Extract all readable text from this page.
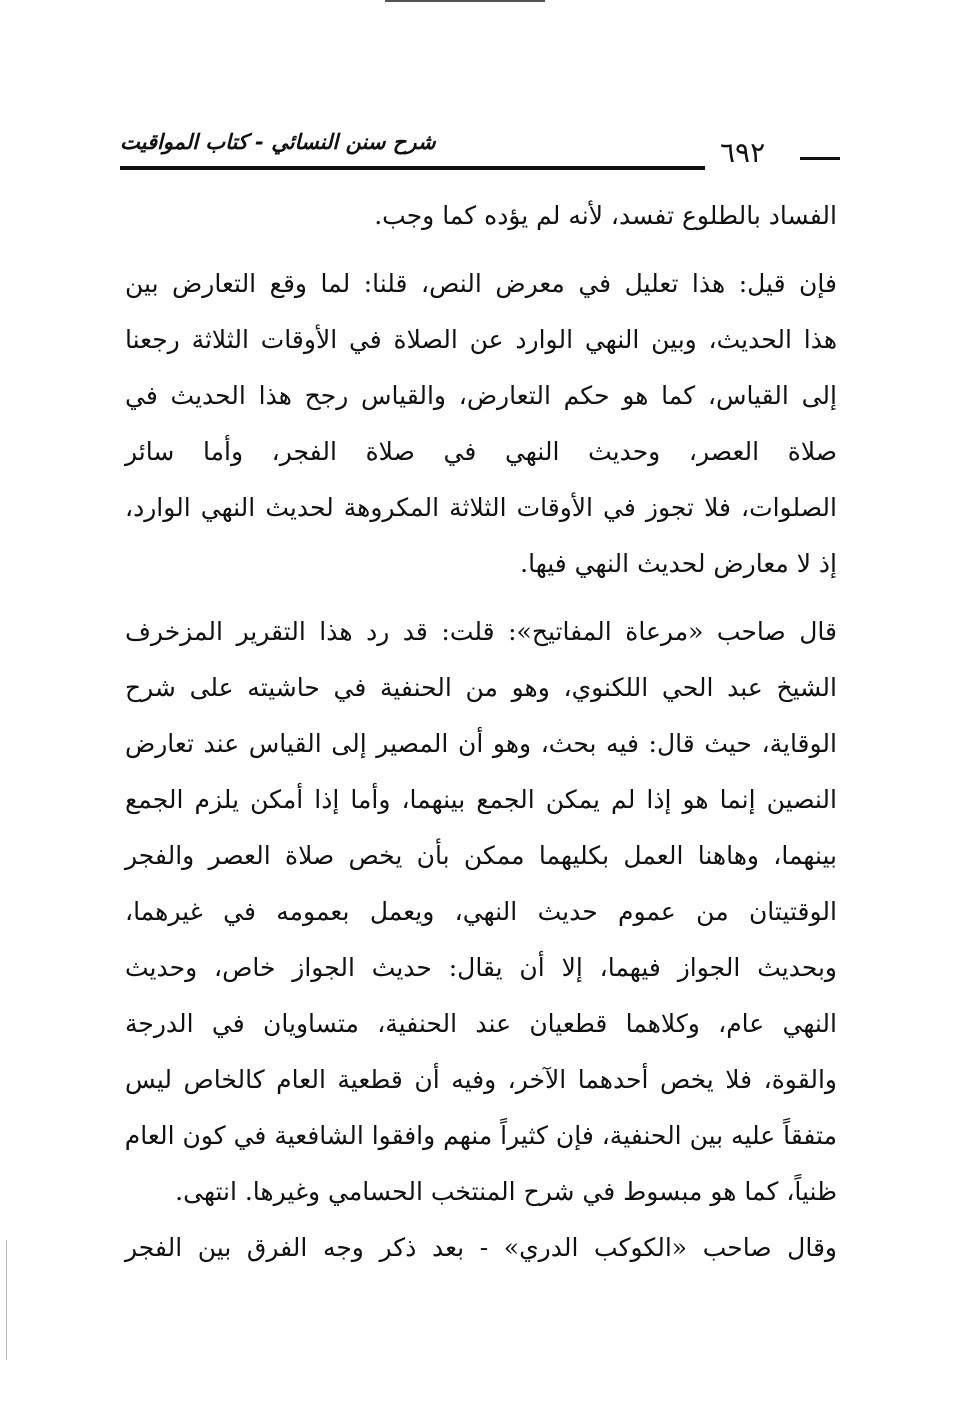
شرح سنن النسائي - كتاب المواقيت	٦٩٢
الفساد بالطلوع تفسد، لأنه لم يؤده كما وجب.
فإن قيل: هذا تعليل في معرض النص، قلنا: لما وقع التعارض بين
هذا الحديث، وبين النهي الوارد عن الصلاة في الأوقات الثلاثة رجعنا
إلى القياس، كما هو حكم التعارض، والقياس رجح هذا الحديث في
صلاة العصر، وحديث النهي في صلاة الفجر، وأما سائر
الصلوات، فلا تجوز في الأوقات الثلاثة المكروهة لحديث النهي الوارد،
إذ لا معارض لحديث النهي فيها.
قال صاحب «مرعاة المفاتيح»: قلت: قد رد هذا التقرير المزخرف
الشيخ عبد الحي اللكنوي، وهو من الحنفية في حاشيته على شرح
الوقاية، حيث قال: فيه بحث، وهو أن المصير إلى القياس عند تعارض
النصين إنما هو إذا لم يمكن الجمع بينهما، وأما إذا أمكن يلزم الجمع
بينهما، وهاهنا العمل بكليهما ممكن بأن يخص صلاة العصر والفجر
الوقتيتان من عموم حديث النهي، ويعمل بعمومه في غيرهما،
وبحديث الجواز فيهما، إلا أن يقال: حديث الجواز خاص، وحديث
النهي عام، وكلاهما قطعيان عند الحنفية، متساويان في الدرجة
والقوة، فلا يخص أحدهما الآخر، وفيه أن قطعية العام كالخاص ليس
متفقاً عليه بين الحنفية، فإن كثيراً منهم وافقوا الشافعية في كون العام
ظنياً، كما هو مبسوط في شرح المنتخب الحسامي وغيرها. انتهى.
وقال صاحب «الكوكب الدري» - بعد ذكر وجه الفرق بين الفجر
